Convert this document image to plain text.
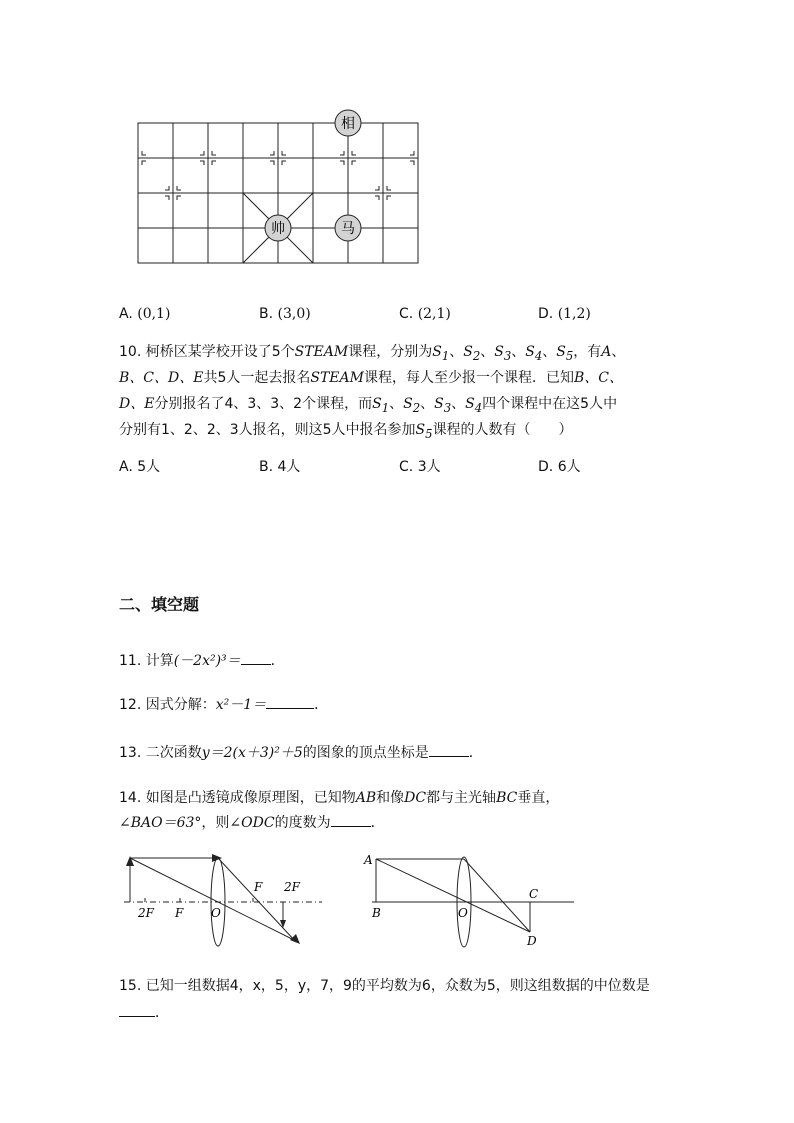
相
帅	马
A. (0,1)	B. (3,0)	C. (2,1)	D. (1,2)
10. 柯桥区某学校开设了5个STEAM课程，分别为$S_1$、$S_2$、$S_3$、$S_4$、$S_5$，有A、
B、C、D、E共5人一起去报名STEAM课程，每人至少报一个课程．已知B、C、
D、E分别报名了4、3、3、2个课程，而$S_1$、$S_2$、$S_3$、$S_4$四个课程中在这5人中
分别有1、2、2、3人报名，则这5人中报名参加$S_5$课程的人数有（　　）
A. 5人	B. 4人	C. 3人	D. 6人
二、填空题
11. 计算(－2x²)³＝ ．
12. 因式分解：x²－1＝	．
13. 二次函数y＝2(x＋3)²＋5的图象的顶点坐标是	．
14. 如图是凸透镜成像原理图，已知物AB和像DC都与主光轴BC垂直，
∠BAO＝63°，则∠ODC的度数为	．
2F F O
F 2F
A
B	O
C
D
15. 已知一组数据4，x，5，y，7，9的平均数为6，众数为5，则这组数据的中位数是
．
